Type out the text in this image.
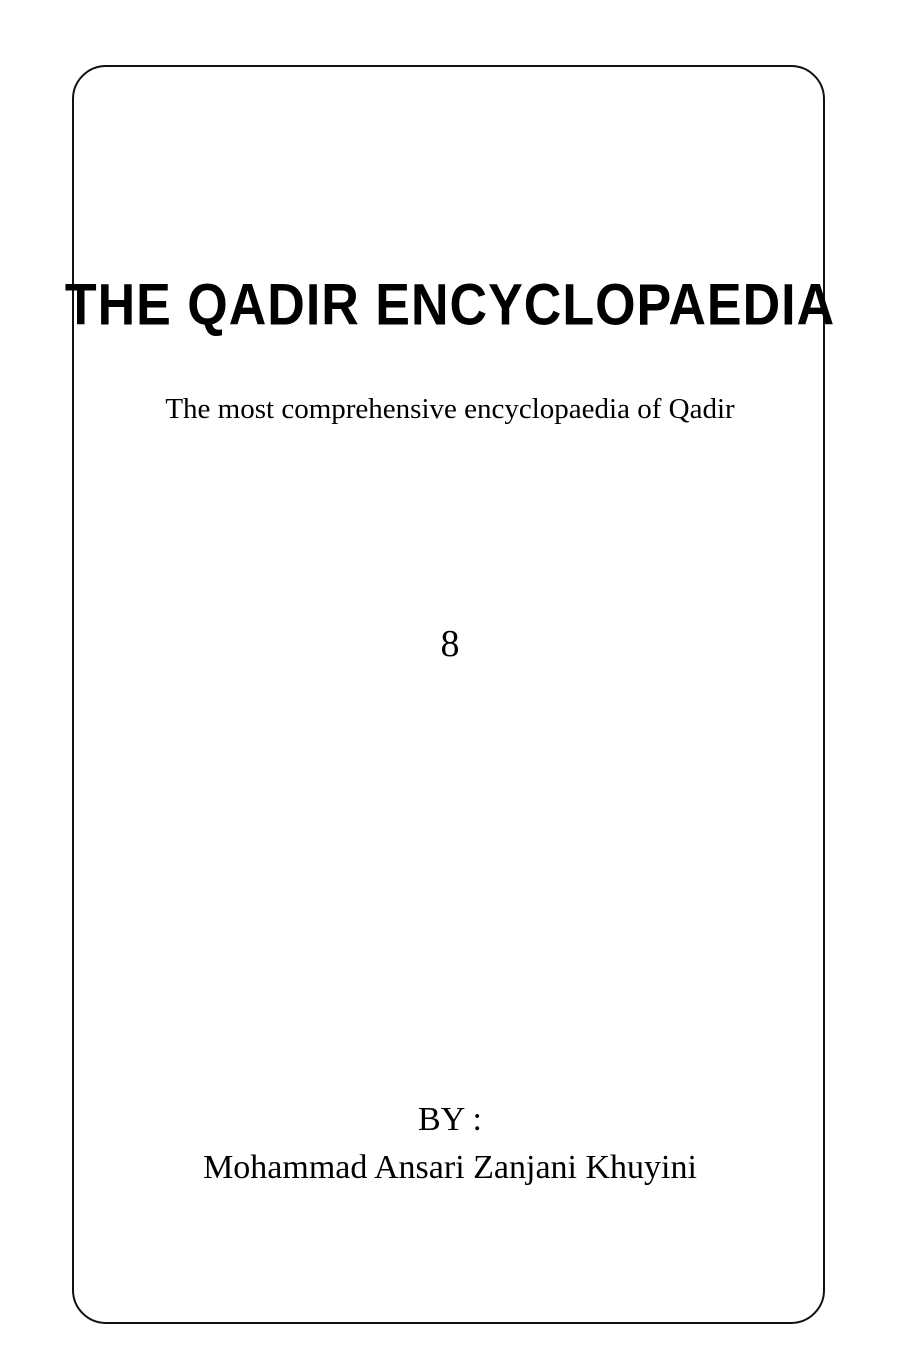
THE QADIR ENCYCLOPAEDIA
The most comprehensive encyclopaedia of Qadir
8
BY :
Mohammad Ansari Zanjani Khuyini
